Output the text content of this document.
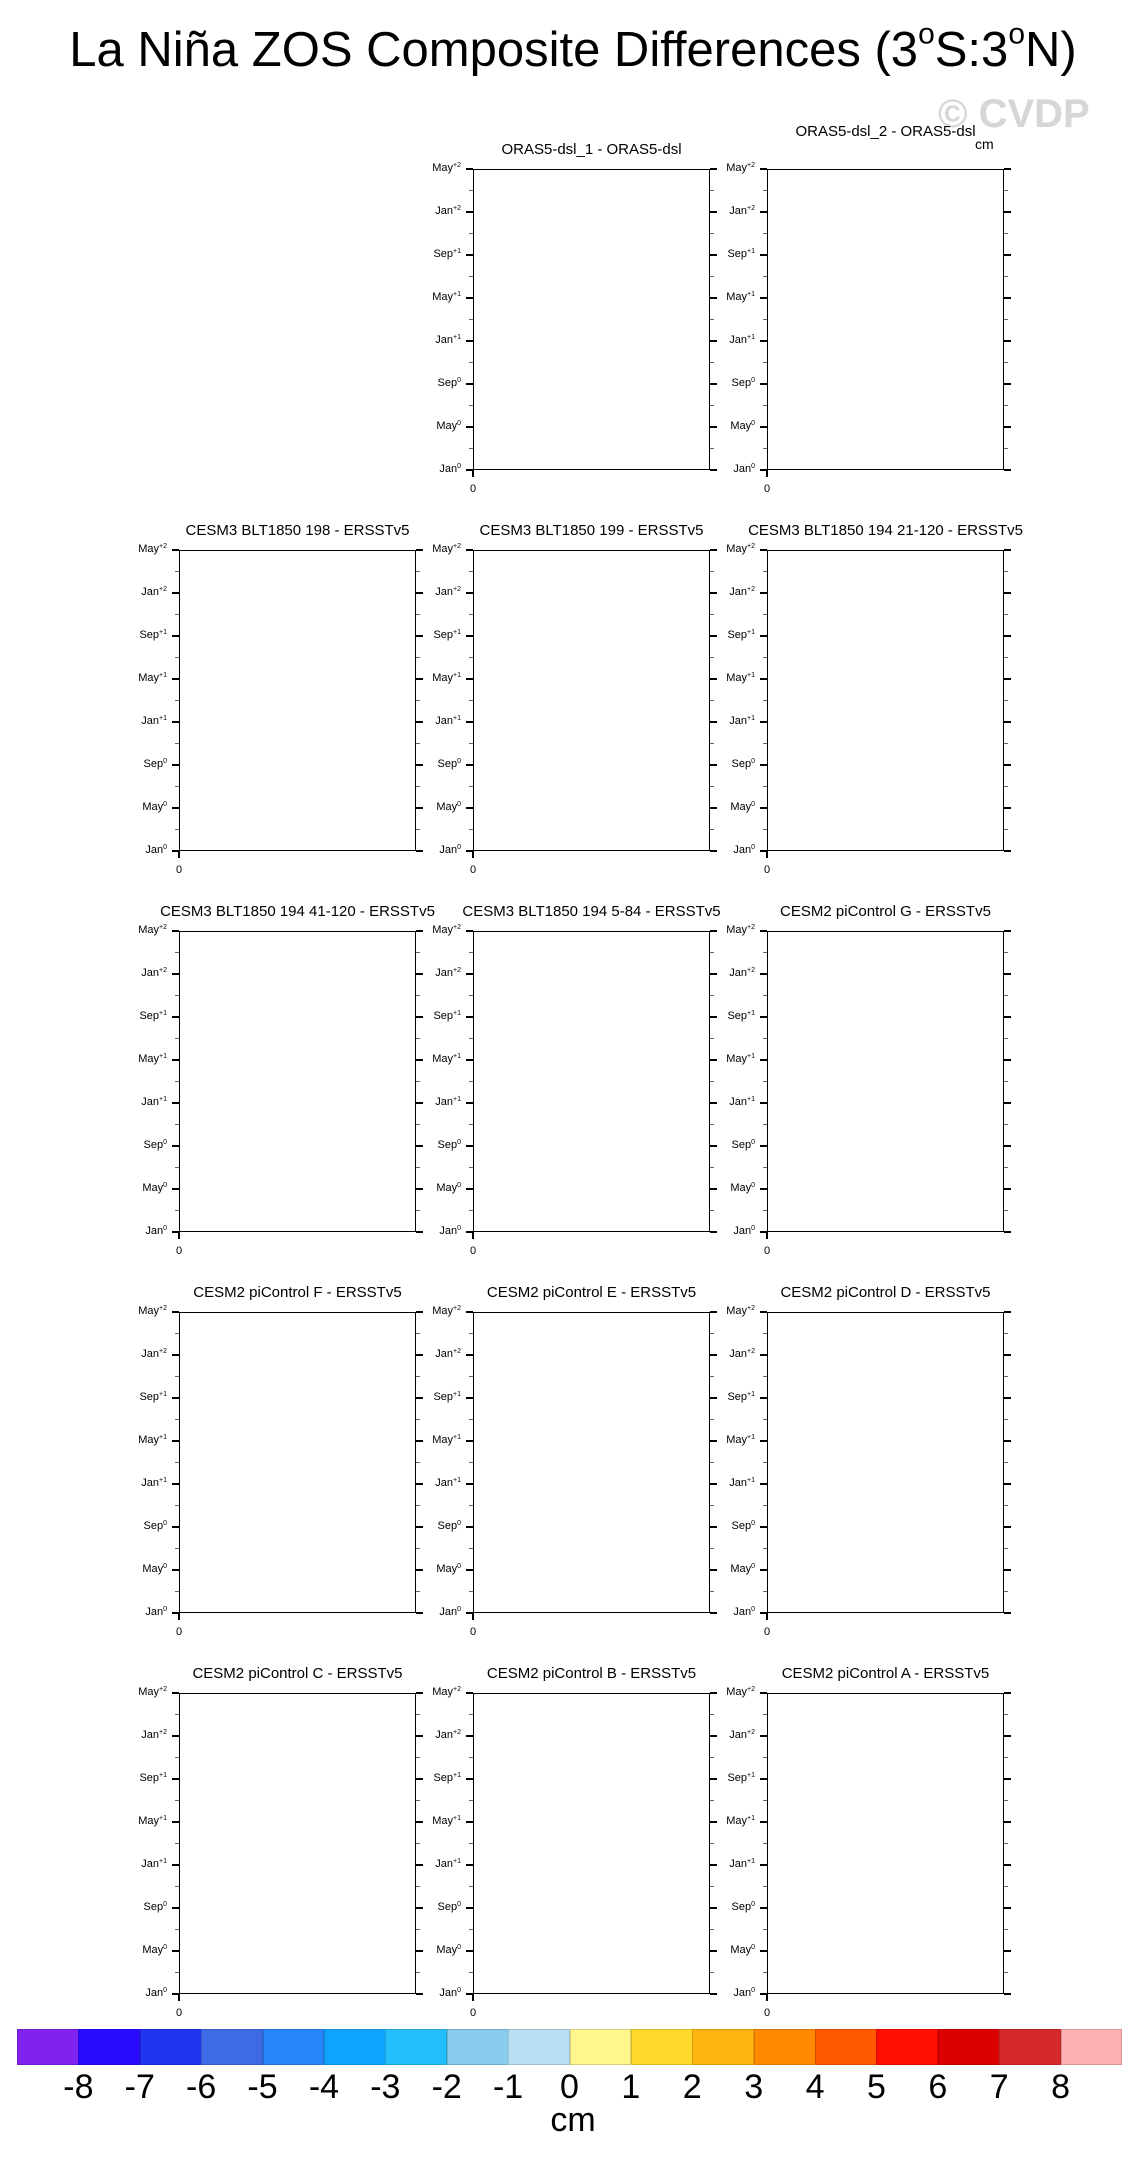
La Niña ZOS Composite Differences (3$^o$S:3$^o$N)
© CVDP
cm
ORAS5-dsl_1 - ORAS5-dsl
May$^{+2}$
Jan$^{+2}$
Sep$^{+1}$
May$^{+1}$
Jan$^{+1}$
Sep$^0$
May$^0$
Jan$^0$
0
ORAS5-dsl_2 - ORAS5-dsl
May$^{+2}$
Jan$^{+2}$
Sep$^{+1}$
May$^{+1}$
Jan$^{+1}$
Sep$^0$
May$^0$
Jan$^0$
0
CESM3 BLT1850 198 - ERSSTv5
May$^{+2}$
Jan$^{+2}$
Sep$^{+1}$
May$^{+1}$
Jan$^{+1}$
Sep$^0$
May$^0$
Jan$^0$
0
CESM3 BLT1850 199 - ERSSTv5
May$^{+2}$
Jan$^{+2}$
Sep$^{+1}$
May$^{+1}$
Jan$^{+1}$
Sep$^0$
May$^0$
Jan$^0$
0
CESM3 BLT1850 194 21-120 - ERSSTv5
May$^{+2}$
Jan$^{+2}$
Sep$^{+1}$
May$^{+1}$
Jan$^{+1}$
Sep$^0$
May$^0$
Jan$^0$
0
CESM3 BLT1850 194 41-120 - ERSSTv5
May$^{+2}$
Jan$^{+2}$
Sep$^{+1}$
May$^{+1}$
Jan$^{+1}$
Sep$^0$
May$^0$
Jan$^0$
0
CESM3 BLT1850 194 5-84 - ERSSTv5
May$^{+2}$
Jan$^{+2}$
Sep$^{+1}$
May$^{+1}$
Jan$^{+1}$
Sep$^0$
May$^0$
Jan$^0$
0
CESM2 piControl G - ERSSTv5
May$^{+2}$
Jan$^{+2}$
Sep$^{+1}$
May$^{+1}$
Jan$^{+1}$
Sep$^0$
May$^0$
Jan$^0$
0
CESM2 piControl F - ERSSTv5
May$^{+2}$
Jan$^{+2}$
Sep$^{+1}$
May$^{+1}$
Jan$^{+1}$
Sep$^0$
May$^0$
Jan$^0$
0
CESM2 piControl E - ERSSTv5
May$^{+2}$
Jan$^{+2}$
Sep$^{+1}$
May$^{+1}$
Jan$^{+1}$
Sep$^0$
May$^0$
Jan$^0$
0
CESM2 piControl D - ERSSTv5
May$^{+2}$
Jan$^{+2}$
Sep$^{+1}$
May$^{+1}$
Jan$^{+1}$
Sep$^0$
May$^0$
Jan$^0$
0
CESM2 piControl C - ERSSTv5
May$^{+2}$
Jan$^{+2}$
Sep$^{+1}$
May$^{+1}$
Jan$^{+1}$
Sep$^0$
May$^0$
Jan$^0$
0
CESM2 piControl B - ERSSTv5
May$^{+2}$
Jan$^{+2}$
Sep$^{+1}$
May$^{+1}$
Jan$^{+1}$
Sep$^0$
May$^0$
Jan$^0$
0
CESM2 piControl A - ERSSTv5
May$^{+2}$
Jan$^{+2}$
Sep$^{+1}$
May$^{+1}$
Jan$^{+1}$
Sep$^0$
May$^0$
Jan$^0$
0
-8 -7 -6 -5 -4 -3 -2 -1	0	1	2	3	4	5	6	7	8
cm
